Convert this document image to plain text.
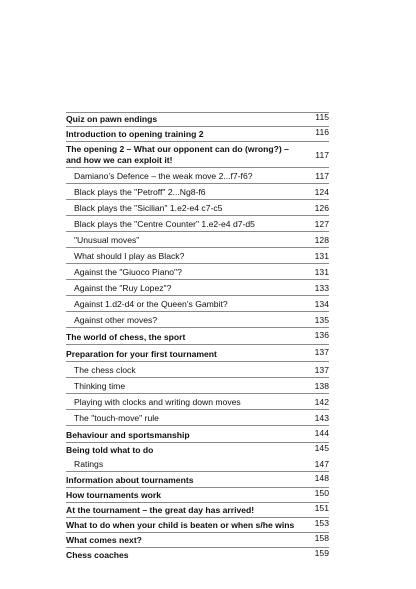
Quiz on pawn endings	115
Introduction to opening training 2	116
The opening 2 – What our opponent can do (wrong?) –
and how we can exploit it!	117
Damiano’s Defence – the weak move 2...f7-f6?	117
Black plays the "Petroff" 2...Ng8-f6	124
Black plays the "Sicilian" 1.e2-e4 c7-c5	126
Black plays the "Centre Counter" 1.e2-e4 d7-d5	127
"Unusual moves"	128
What should I play as Black?	131
Against the "Giuoco Piano"?	131
Against the "Ruy Lopez"?	133
Against 1.d2-d4 or the Queen’s Gambit?	134
Against other moves?	135
The world of chess, the sport	136
Preparation for your first tournament	137
The chess clock	137
Thinking time	138
Playing with clocks and writing down moves	142
The "touch-move" rule	143
Behaviour and sportsmanship	144
Being told what to do	145
Ratings	147
Information about tournaments	148
How tournaments work	150
At the tournament – the great day has arrived!	151
What to do when your child is beaten or when s/he wins	153
What comes next?	158
Chess coaches	159
